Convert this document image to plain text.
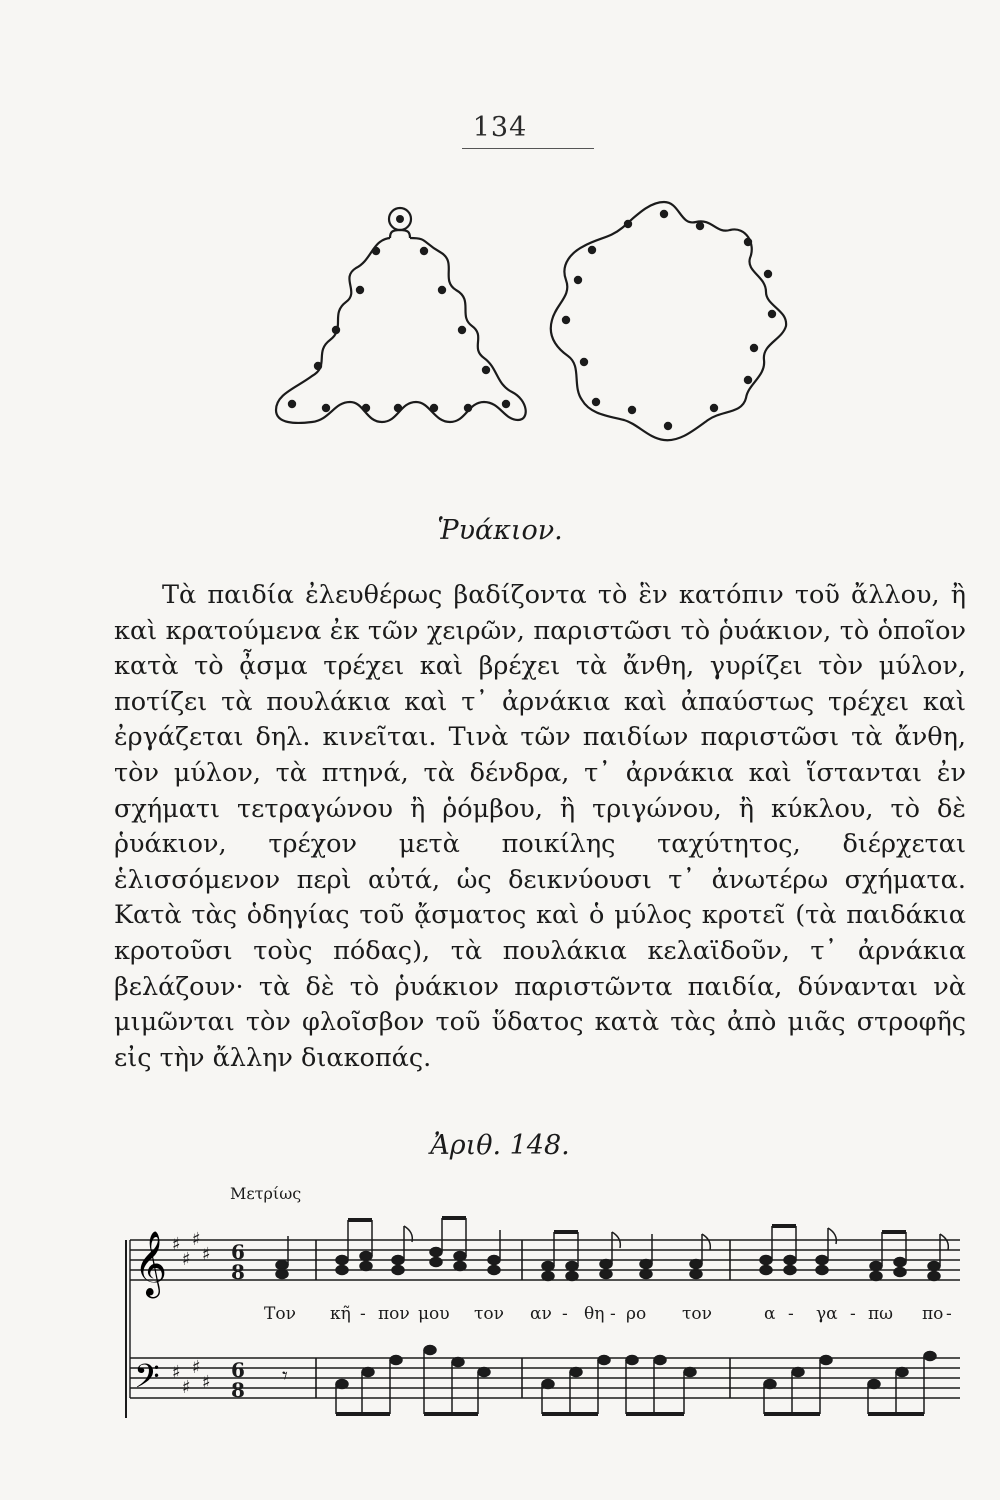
134
Ῥυάκιον.

Τὰ παιδία ἐλευθέρως βαδίζοντα τὸ ἓν κατόπιν τοῦ ἄλλου, ἢ καὶ κρατούμενα ἐκ τῶν χειρῶν, παριστῶσι τὸ ῥυάκιον, τὸ ὁποῖον κατὰ τὸ ᾆσμα τρέχει καὶ βρέχει τὰ ἄνθη, γυρίζει τὸν μύλον, ποτίζει τὰ πουλάκια καὶ τ᾽ ἀρνάκια καὶ ἀπαύστως τρέχει καὶ ἐργάζεται δηλ. κινεῖται. Τινὰ τῶν παιδίων παριστῶσι τὰ ἄνθη, τὸν μύλον, τὰ πτηνά, τὰ δένδρα, τ᾽ ἀρνάκια καὶ ἵστανται ἐν σχήματι τετραγώνου ἢ ῥόμβου, ἢ τριγώνου, ἢ κύκλου, τὸ δὲ ῥυάκιον, τρέχον μετὰ ποικίλης ταχύτητος, διέρχεται ἑλισσόμενον περὶ αὐτά, ὡς δεικνύουσι τ᾽ ἀνωτέρω σχήματα. Κατὰ τὰς ὁδηγίας τοῦ ᾄσματος καὶ ὁ μύλος κροτεῖ (τὰ παιδάκια κροτοῦσι τοὺς πόδας), τὰ πουλάκια κελαϊδοῦν, τ᾽ ἀρνάκια βελάζουν· τὰ δὲ τὸ ῥυάκιον παριστῶντα παιδία, δύνανται νὰ μιμῶνται τὸν φλοῖσβον τοῦ ὕδατος κατὰ τὰς ἀπὸ μιᾶς στροφῆς εἰς τὴν ἄλλην διακοπάς.

Ἀριθ. 148.
Μετρίως
𝄞
𝄢
♯
♯
♯
♯
♯
♯
♯
♯
6
8
6
8
𝄾
Τον κη̃ - πον μου τον αν - θη - ρο τον	α - γα - πω πο -
